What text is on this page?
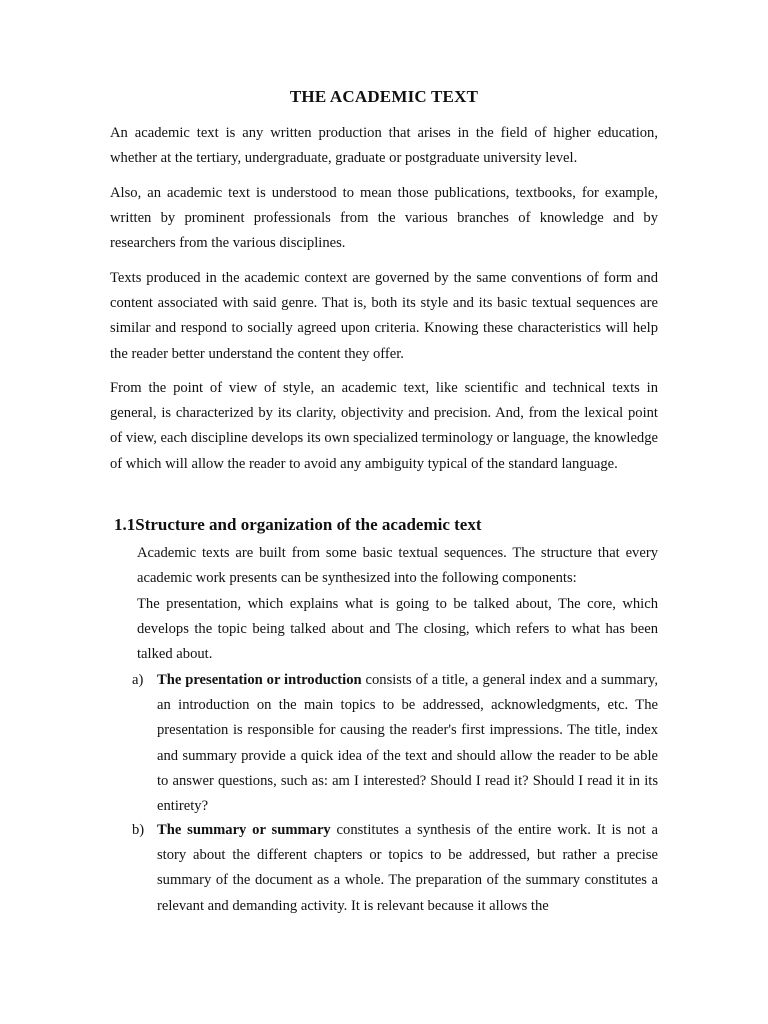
THE ACADEMIC TEXT

An academic text is any written production that arises in the field of higher education, whether at the tertiary, undergraduate, graduate or postgraduate university level.

Also, an academic text is understood to mean those publications, textbooks, for example, written by prominent professionals from the various branches of knowledge and by researchers from the various disciplines.

Texts produced in the academic context are governed by the same conventions of form and content associated with said genre. That is, both its style and its basic textual sequences are similar and respond to socially agreed upon criteria. Knowing these characteristics will help the reader better understand the content they offer.

From the point of view of style, an academic text, like scientific and technical texts in general, is characterized by its clarity, objectivity and precision. And, from the lexical point of view, each discipline develops its own specialized terminology or language, the knowledge of which will allow the reader to avoid any ambiguity typical of the standard language.

1.1Structure and organization of the academic text

Academic texts are built from some basic textual sequences. The structure that every academic work presents can be synthesized into the following components:

The presentation, which explains what is going to be talked about, The core, which develops the topic being talked about and The closing, which refers to what has been talked about.

a) The presentation or introduction consists of a title, a general index and a summary, an introduction on the main topics to be addressed, acknowledgments, etc. The presentation is responsible for causing the reader's first impressions. The title, index and summary provide a quick idea of the text and should allow the reader to be able to answer questions, such as: am I interested? Should I read it? Should I read it in its entirety?
b) The summary or summary constitutes a synthesis of the entire work. It is not a story about the different chapters or topics to be addressed, but rather a precise summary of the document as a whole. The preparation of the summary constitutes a relevant and demanding activity. It is relevant because it allows the
